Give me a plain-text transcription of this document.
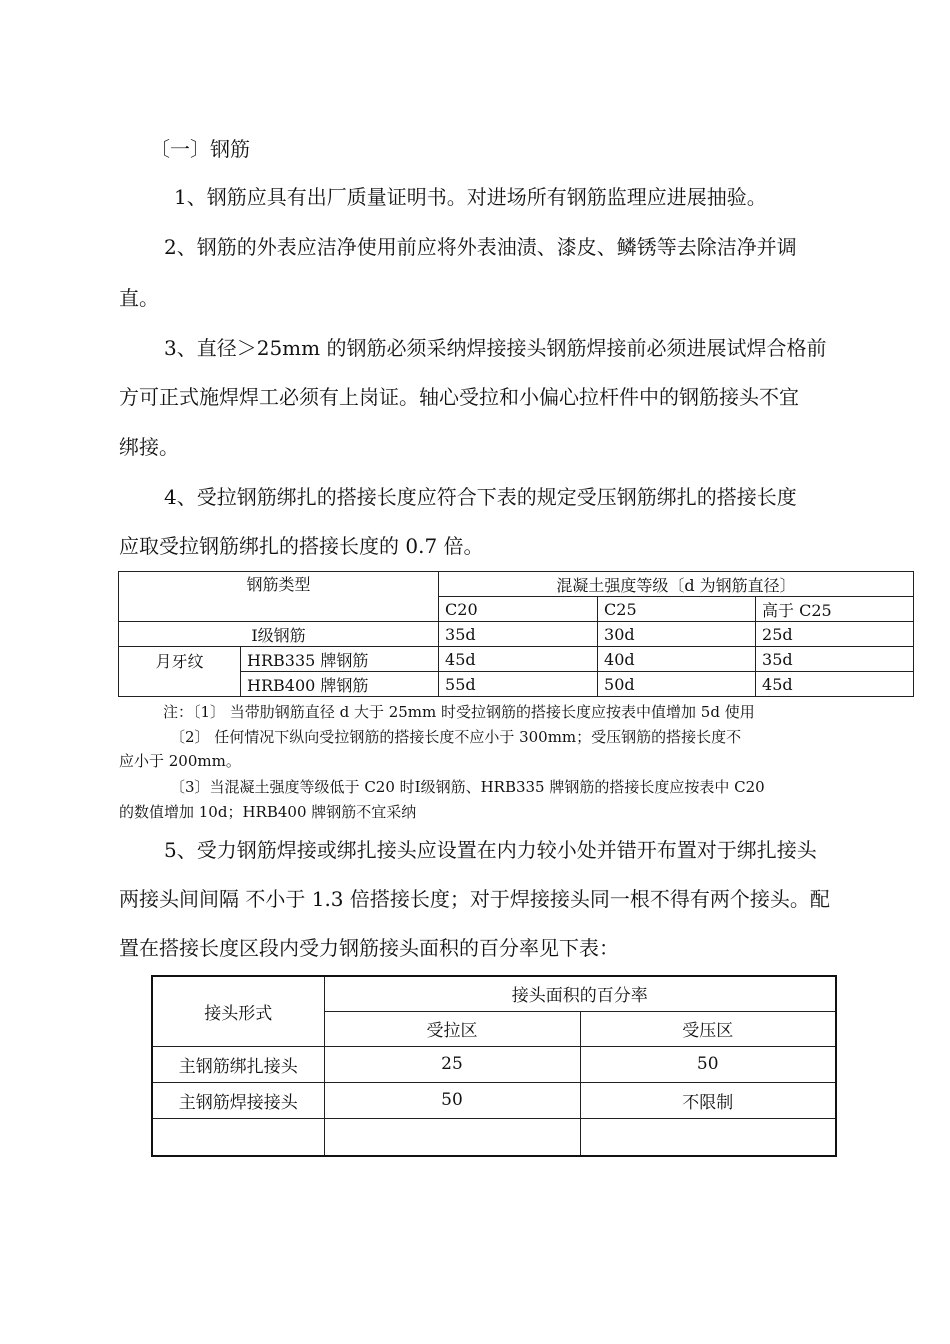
〔一〕钢筋
1、钢筋应具有出厂质量证明书。对进场所有钢筋监理应进展抽验。
2、钢筋的外表应洁净使用前应将外表油渍、漆皮、鳞锈等去除洁净并调
直。
3、直径＞25mm 的钢筋必须采纳焊接接头钢筋焊接前必须进展试焊合格前
方可正式施焊焊工必须有上岗证。轴心受拉和小偏心拉杆件中的钢筋接头不宜
绑接。
4、受拉钢筋绑扎的搭接长度应符合下表的规定受压钢筋绑扎的搭接长度
应取受拉钢筋绑扎的搭接长度的 0.7 倍。
钢筋类型		混凝土强度等级〔d 为钢筋直径〕		
		C20	C25	高于 C25
Ⅰ级钢筋		35d	30d	25d
月牙纹	HRB335 牌钢筋	45d	40d	35d
	HRB400 牌钢筋	55d	50d	45d
注：〔1〕 当带肋钢筋直径 d 大于 25mm 时受拉钢筋的搭接长度应按表中值增加 5d 使用
〔2〕 任何情况下纵向受拉钢筋的搭接长度不应小于 300mm；受压钢筋的搭接长度不
应小于 200mm。
〔3〕当混凝土强度等级低于 C20 时Ⅰ级钢筋、HRB335 牌钢筋的搭接长度应按表中 C20
的数值增加 10d；HRB400 牌钢筋不宜采纳
5、受力钢筋焊接或绑扎接头应设置在内力较小处并错开布置对于绑扎接头
两接头间间隔 不小于 1.3 倍搭接长度；对于焊接接头同一根不得有两个接头。配
置在搭接长度区段内受力钢筋接头面积的百分率见下表：
接头形式	接头面积的百分率	
	受拉区	受压区
主钢筋绑扎接头	25	50
主钢筋焊接接头	50	不限制
